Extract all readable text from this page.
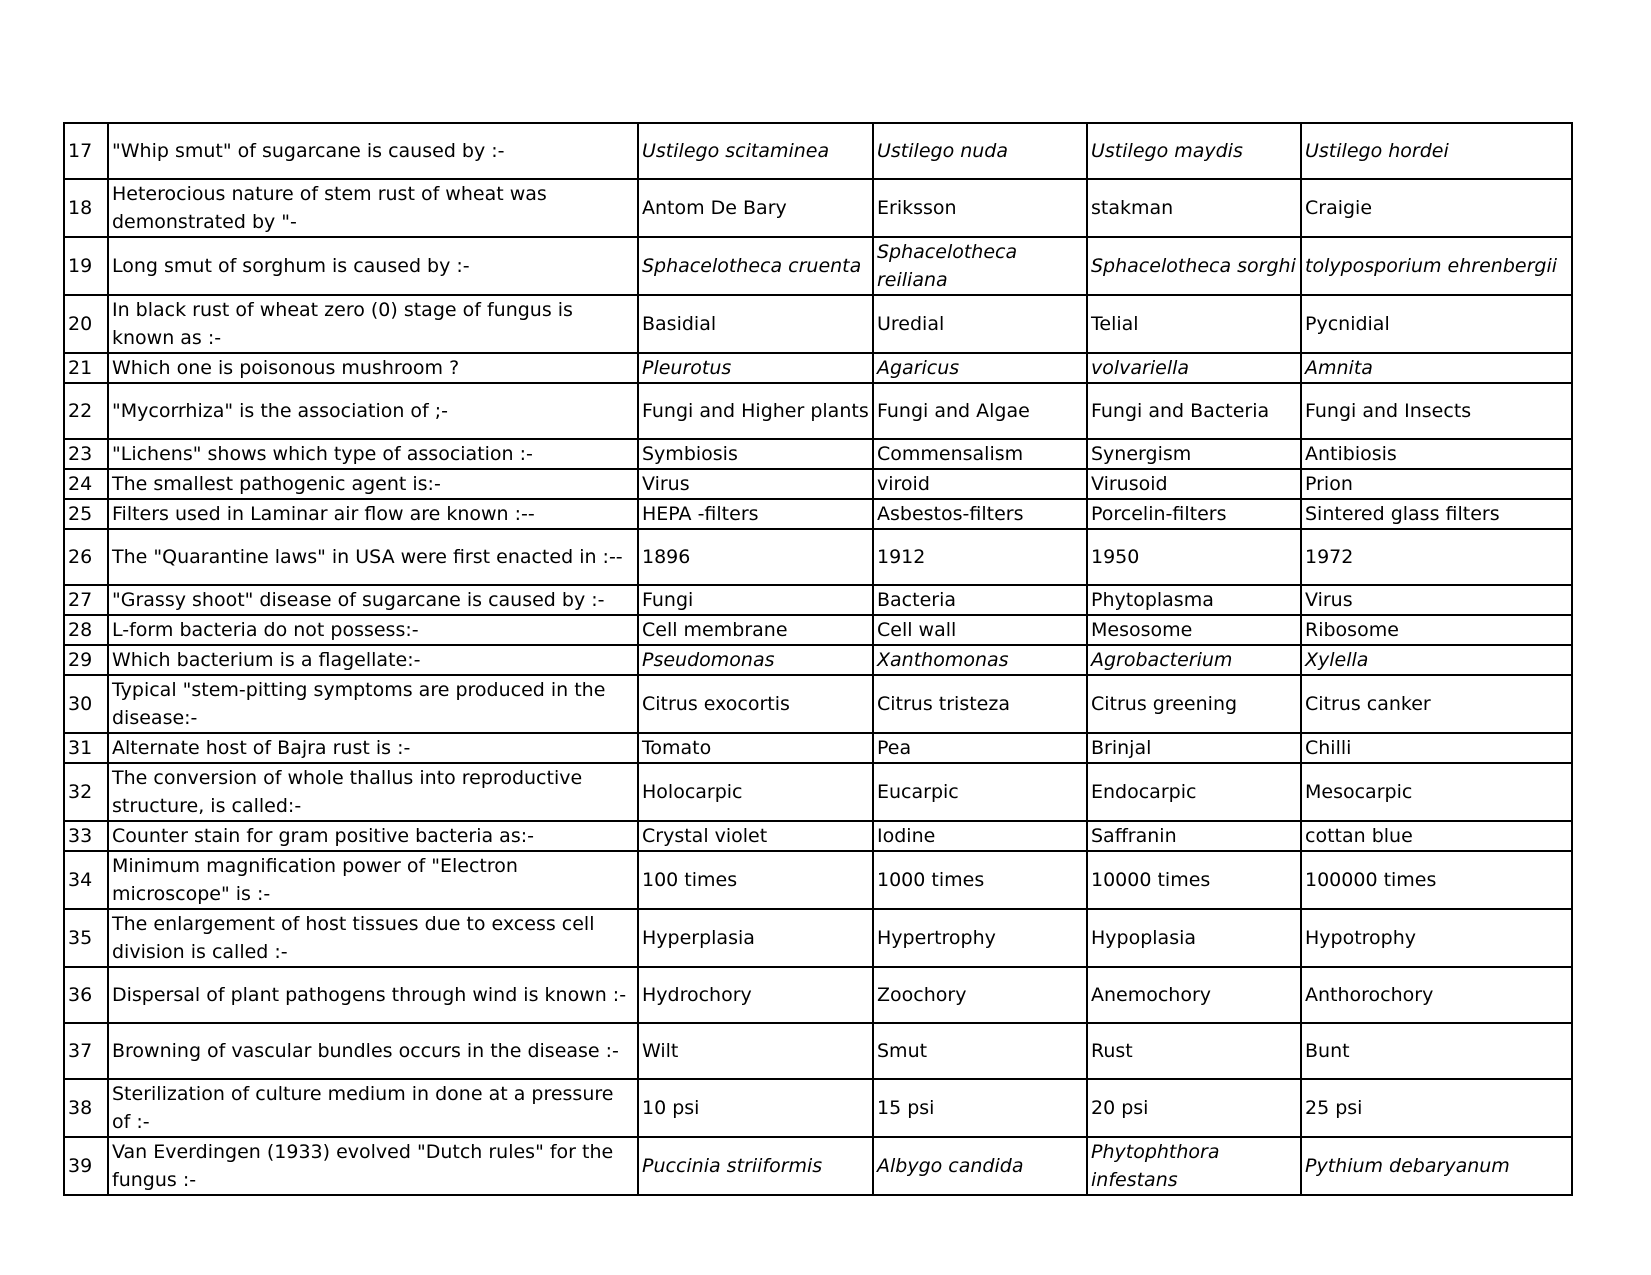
17	"Whip smut" of sugarcane is caused by :-	Ustilego scitaminea	Ustilego nuda	Ustilego maydis	Ustilego hordei
18	Heterocious nature of stem rust of wheat was demonstrated by "-	Antom De Bary	Eriksson	stakman	Craigie
19	Long smut of sorghum is caused by :-	Sphacelotheca cruenta	Sphacelotheca reiliana	Sphacelotheca sorghi	tolyposporium ehrenbergii
20	In black rust of wheat zero (0) stage of fungus is known as :-	Basidial	Uredial	Telial	Pycnidial
21	Which one is poisonous mushroom ?	Pleurotus	Agaricus	volvariella	Amnita
22	"Mycorrhiza" is the association of ;-	Fungi and Higher plants	Fungi and Algae	Fungi and Bacteria	Fungi and Insects
23	"Lichens" shows which type of association :-	Symbiosis	Commensalism	Synergism	Antibiosis
24	The smallest pathogenic agent is:-	Virus	viroid	Virusoid	Prion
25	Filters used in Laminar air flow are known :--	HEPA -filters	Asbestos-filters	Porcelin-filters	Sintered glass filters
26	The "Quarantine laws" in USA were first enacted in :--	1896	1912	1950	1972
27	"Grassy shoot" disease of sugarcane is caused by :-	Fungi	Bacteria	Phytoplasma	Virus
28	L-form bacteria do not possess:-	Cell membrane	Cell wall	Mesosome	Ribosome
29	Which bacterium is a flagellate:-	Pseudomonas	Xanthomonas	Agrobacterium	Xylella
30	Typical "stem-pitting symptoms are produced in the disease:-	Citrus exocortis	Citrus tristeza	Citrus greening	Citrus canker
31	Alternate host of Bajra rust is :-	Tomato	Pea	Brinjal	Chilli
32	The conversion of whole thallus into reproductive structure, is called:-	Holocarpic	Eucarpic	Endocarpic	Mesocarpic
33	Counter stain for gram positive bacteria as:-	Crystal violet	Iodine	Saffranin	cottan blue
34	Minimum magnification power of "Electron microscope" is :-	100 times	1000 times	10000 times	100000 times
35	The enlargement of host tissues due to excess cell division is called :-	Hyperplasia	Hypertrophy	Hypoplasia	Hypotrophy
36	Dispersal of plant pathogens through wind is known :-	Hydrochory	Zoochory	Anemochory	Anthorochory
37	Browning of vascular bundles occurs in the disease :-	Wilt	Smut	Rust	Bunt
38	Sterilization of culture medium in done at a pressure of :-	10 psi	15 psi	20 psi	25 psi
39	Van Everdingen (1933) evolved "Dutch rules" for the fungus :-	Puccinia striiformis	Albygo candida	Phytophthora infestans	Pythium debaryanum
